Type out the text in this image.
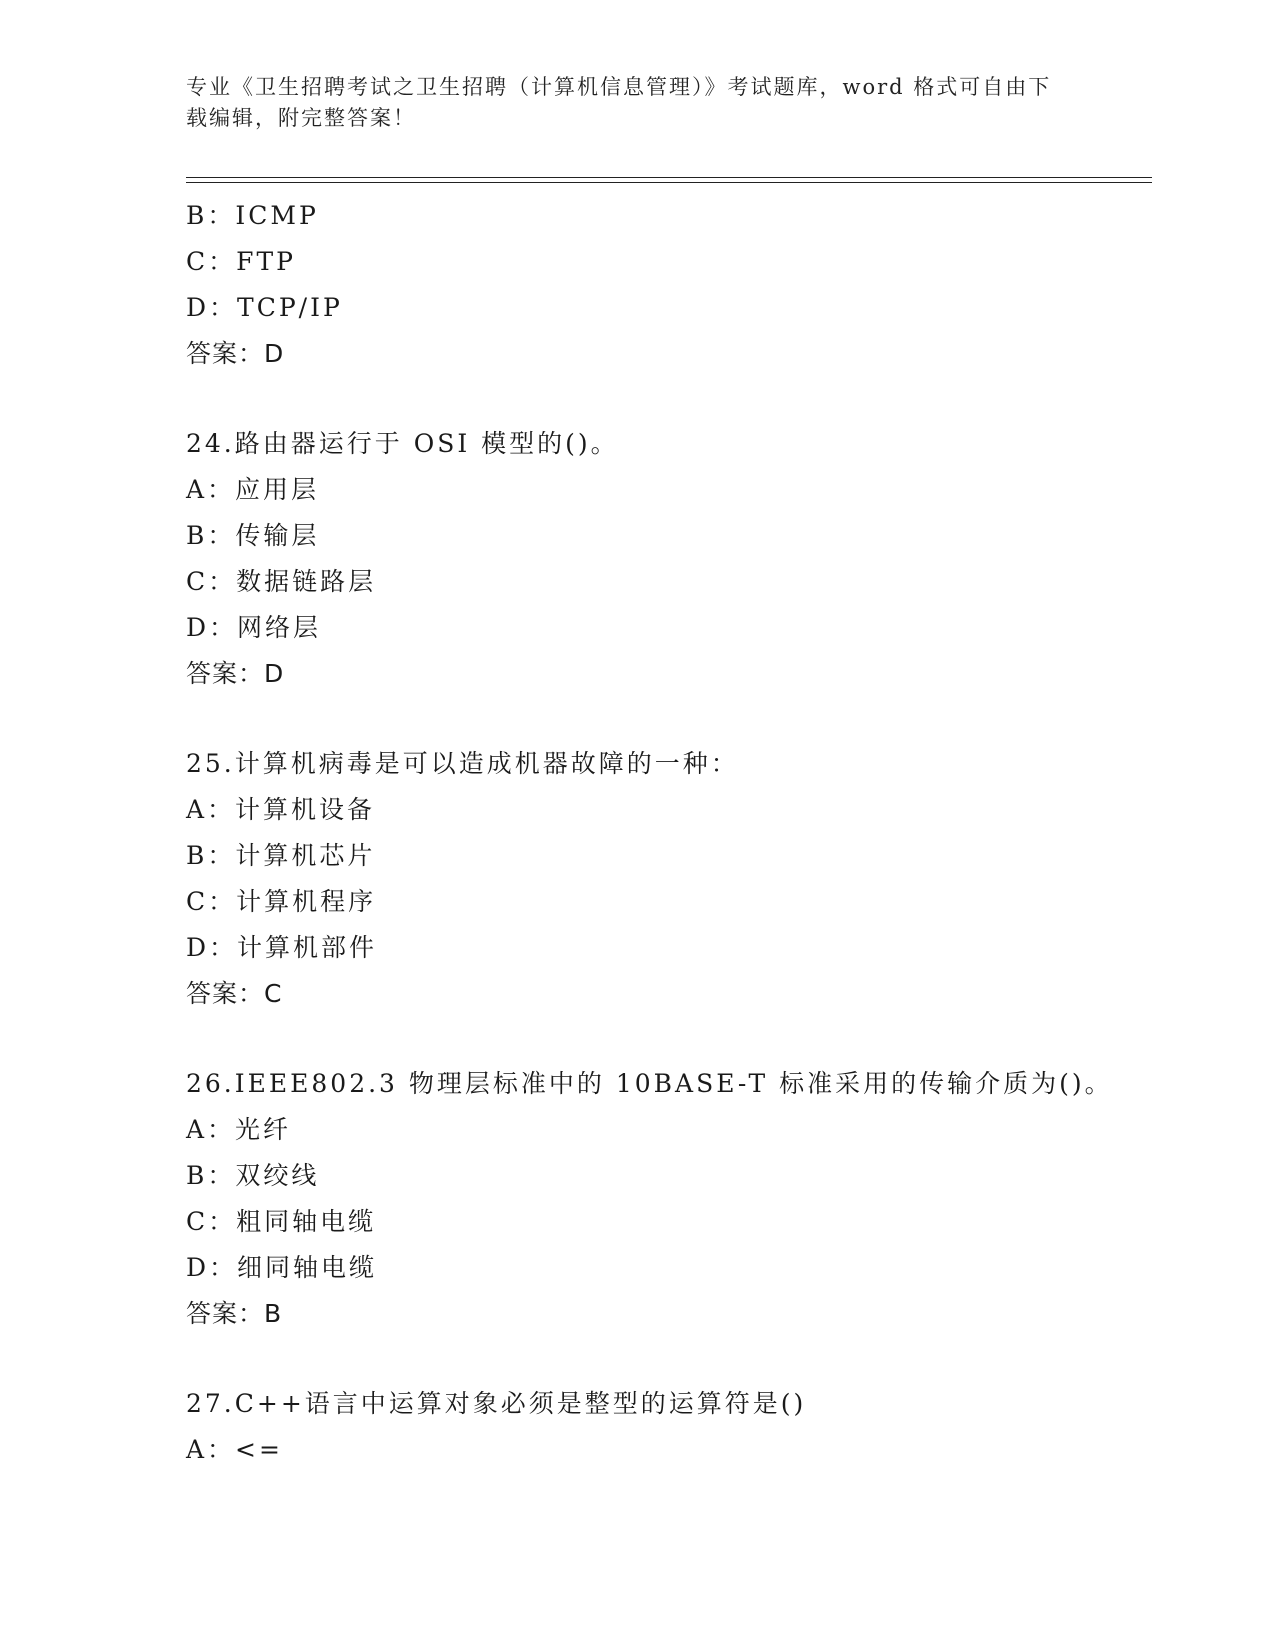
专业《卫生招聘考试之卫生招聘（计算机信息管理）》考试题库，word 格式可自由下载编辑，附完整答案！
B：ICMP
C：FTP
D：TCP/IP
答案：D
24.路由器运行于 OSI 模型的()。
A：应用层
B：传输层
C：数据链路层
D：网络层
答案：D
25.计算机病毒是可以造成机器故障的一种：
A：计算机设备
B：计算机芯片
C：计算机程序
D：计算机部件
答案：C
26.IEEE802.3 物理层标准中的 10BASE-T 标准采用的传输介质为()。
A：光纤
B：双绞线
C：粗同轴电缆
D：细同轴电缆
答案：B
27.C++语言中运算对象必须是整型的运算符是()
A：<=
